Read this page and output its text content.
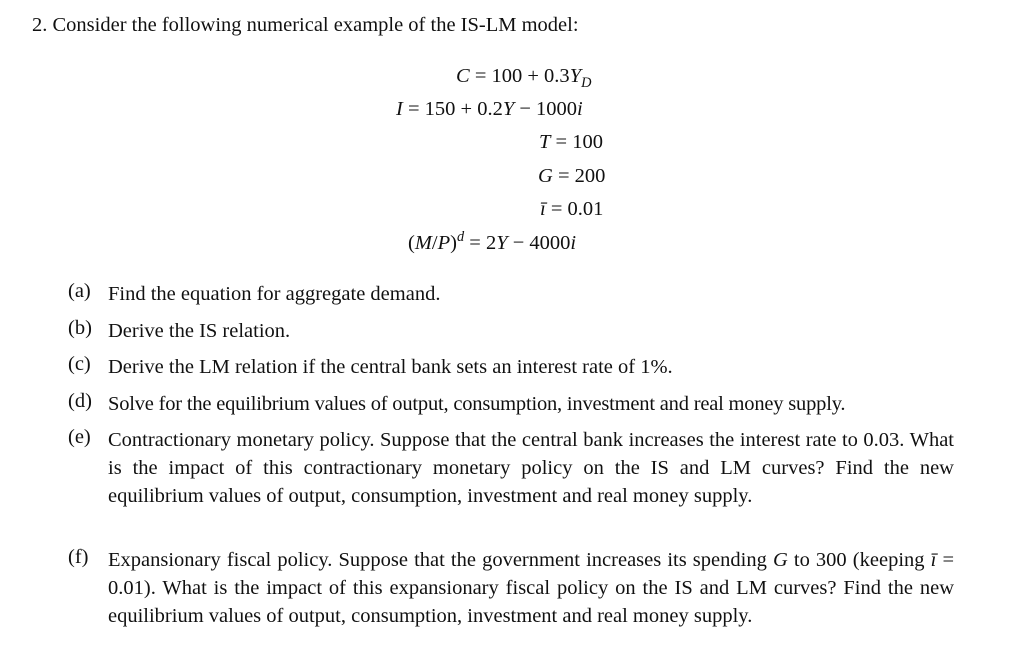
2. Consider the following numerical example of the IS-LM model:
$C = 100 + 0.3Y_D$
I = 150 + 0.2Y − 1000i
T = 100
G = 200
ī = 0.01
$(M/P)^d = 2Y - 4000i$
(a) Find the equation for aggregate demand.
(b) Derive the IS relation.
(c) Derive the LM relation if the central bank sets an interest rate of 1%.
(d) Solve for the equilibrium values of output, consumption, investment and real money supply.
(e) Contractionary monetary policy. Suppose that the central bank increases the interest rate to 0.03. What is the impact of this contractionary monetary policy on the IS and LM curves? Find the new equilibrium values of output, consumption, investment and real money supply.
(f) Expansionary fiscal policy. Suppose that the government increases its spending G to 300 (keeping ī = 0.01). What is the impact of this expansionary fiscal policy on the IS and LM curves? Find the new equilibrium values of output, consumption, investment and real money supply.
